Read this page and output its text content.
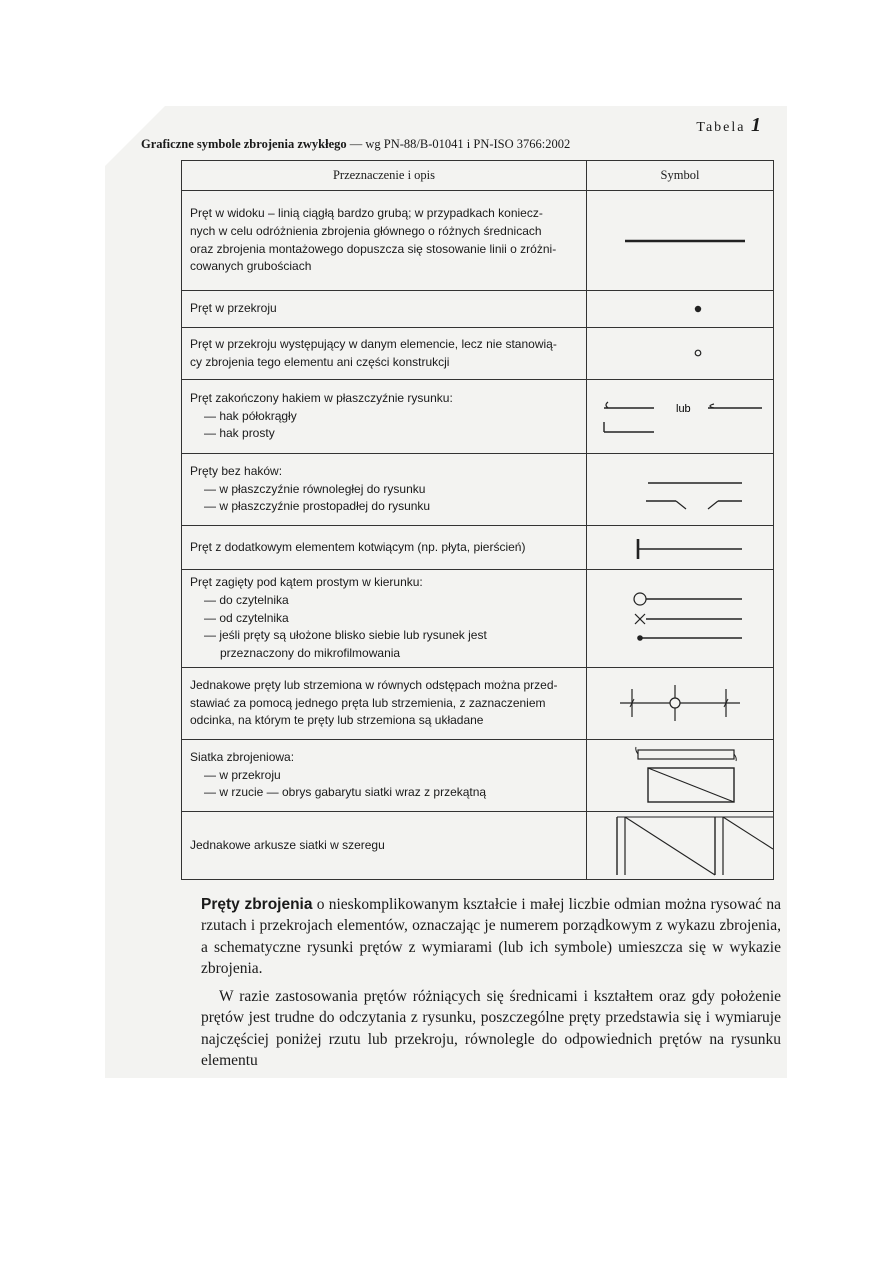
Tabela 1
Graficzne symbole zbrojenia zwykłego — wg PN-88/B-01041 i PN-ISO 3766:2002
Przeznaczenie i opis	Symbol

Pręt w widoku – linią ciągłą bardzo grubą; w przypadkach koniecz-
nych w celu odróżnienia zbrojenia głównego o różnych średnicach
oraz zbrojenia montażowego dopuszcza się stosowanie linii o zróżni-
cowanych grubościach

Pręt w przekroju

Pręt w przekroju występujący w danym elemencie, lecz nie stanowią-
cy zbrojenia tego elementu ani części konstrukcji

Pręt zakończony hakiem w płaszczyźnie rysunku:
— hak półokrągły
— hak prosty	lub

Pręty bez haków:
— w płaszczyźnie równoległej do rysunku
— w płaszczyźnie prostopadłej do rysunku

Pręt z dodatkowym elementem kotwiącym (np. płyta, pierścień)

Pręt zagięty pod kątem prostym w kierunku:
— do czytelnika
— od czytelnika
— jeśli pręty są ułożone blisko siebie lub rysunek jest
przeznaczony do mikrofilmowania

Jednakowe pręty lub strzemiona w równych odstępach można przed-
stawiać za pomocą jednego pręta lub strzemienia, z zaznaczeniem
odcinka, na którym te pręty lub strzemiona są układane

Siatka zbrojeniowa:
— w przekroju
— w rzucie — obrys gabarytu siatki wraz z przekątną

Jednakowe arkusze siatki w szeregu

Pręty zbrojenia o nieskomplikowanym kształcie i małej liczbie odmian można rysować na rzutach i przekrojach elementów, oznaczając je numerem porządkowym z wykazu zbrojenia, a schematyczne rysunki prętów z wymiarami (lub ich symbole) umieszcza się w wykazie zbrojenia.
W razie zastosowania prętów różniących się średnicami i kształtem oraz gdy położenie prętów jest trudne do odczytania z rysunku, poszczególne pręty przedstawia się i wymiaruje najczęściej poniżej rzutu lub przekroju, równolegle do odpowiednich prętów na rysunku elementu
